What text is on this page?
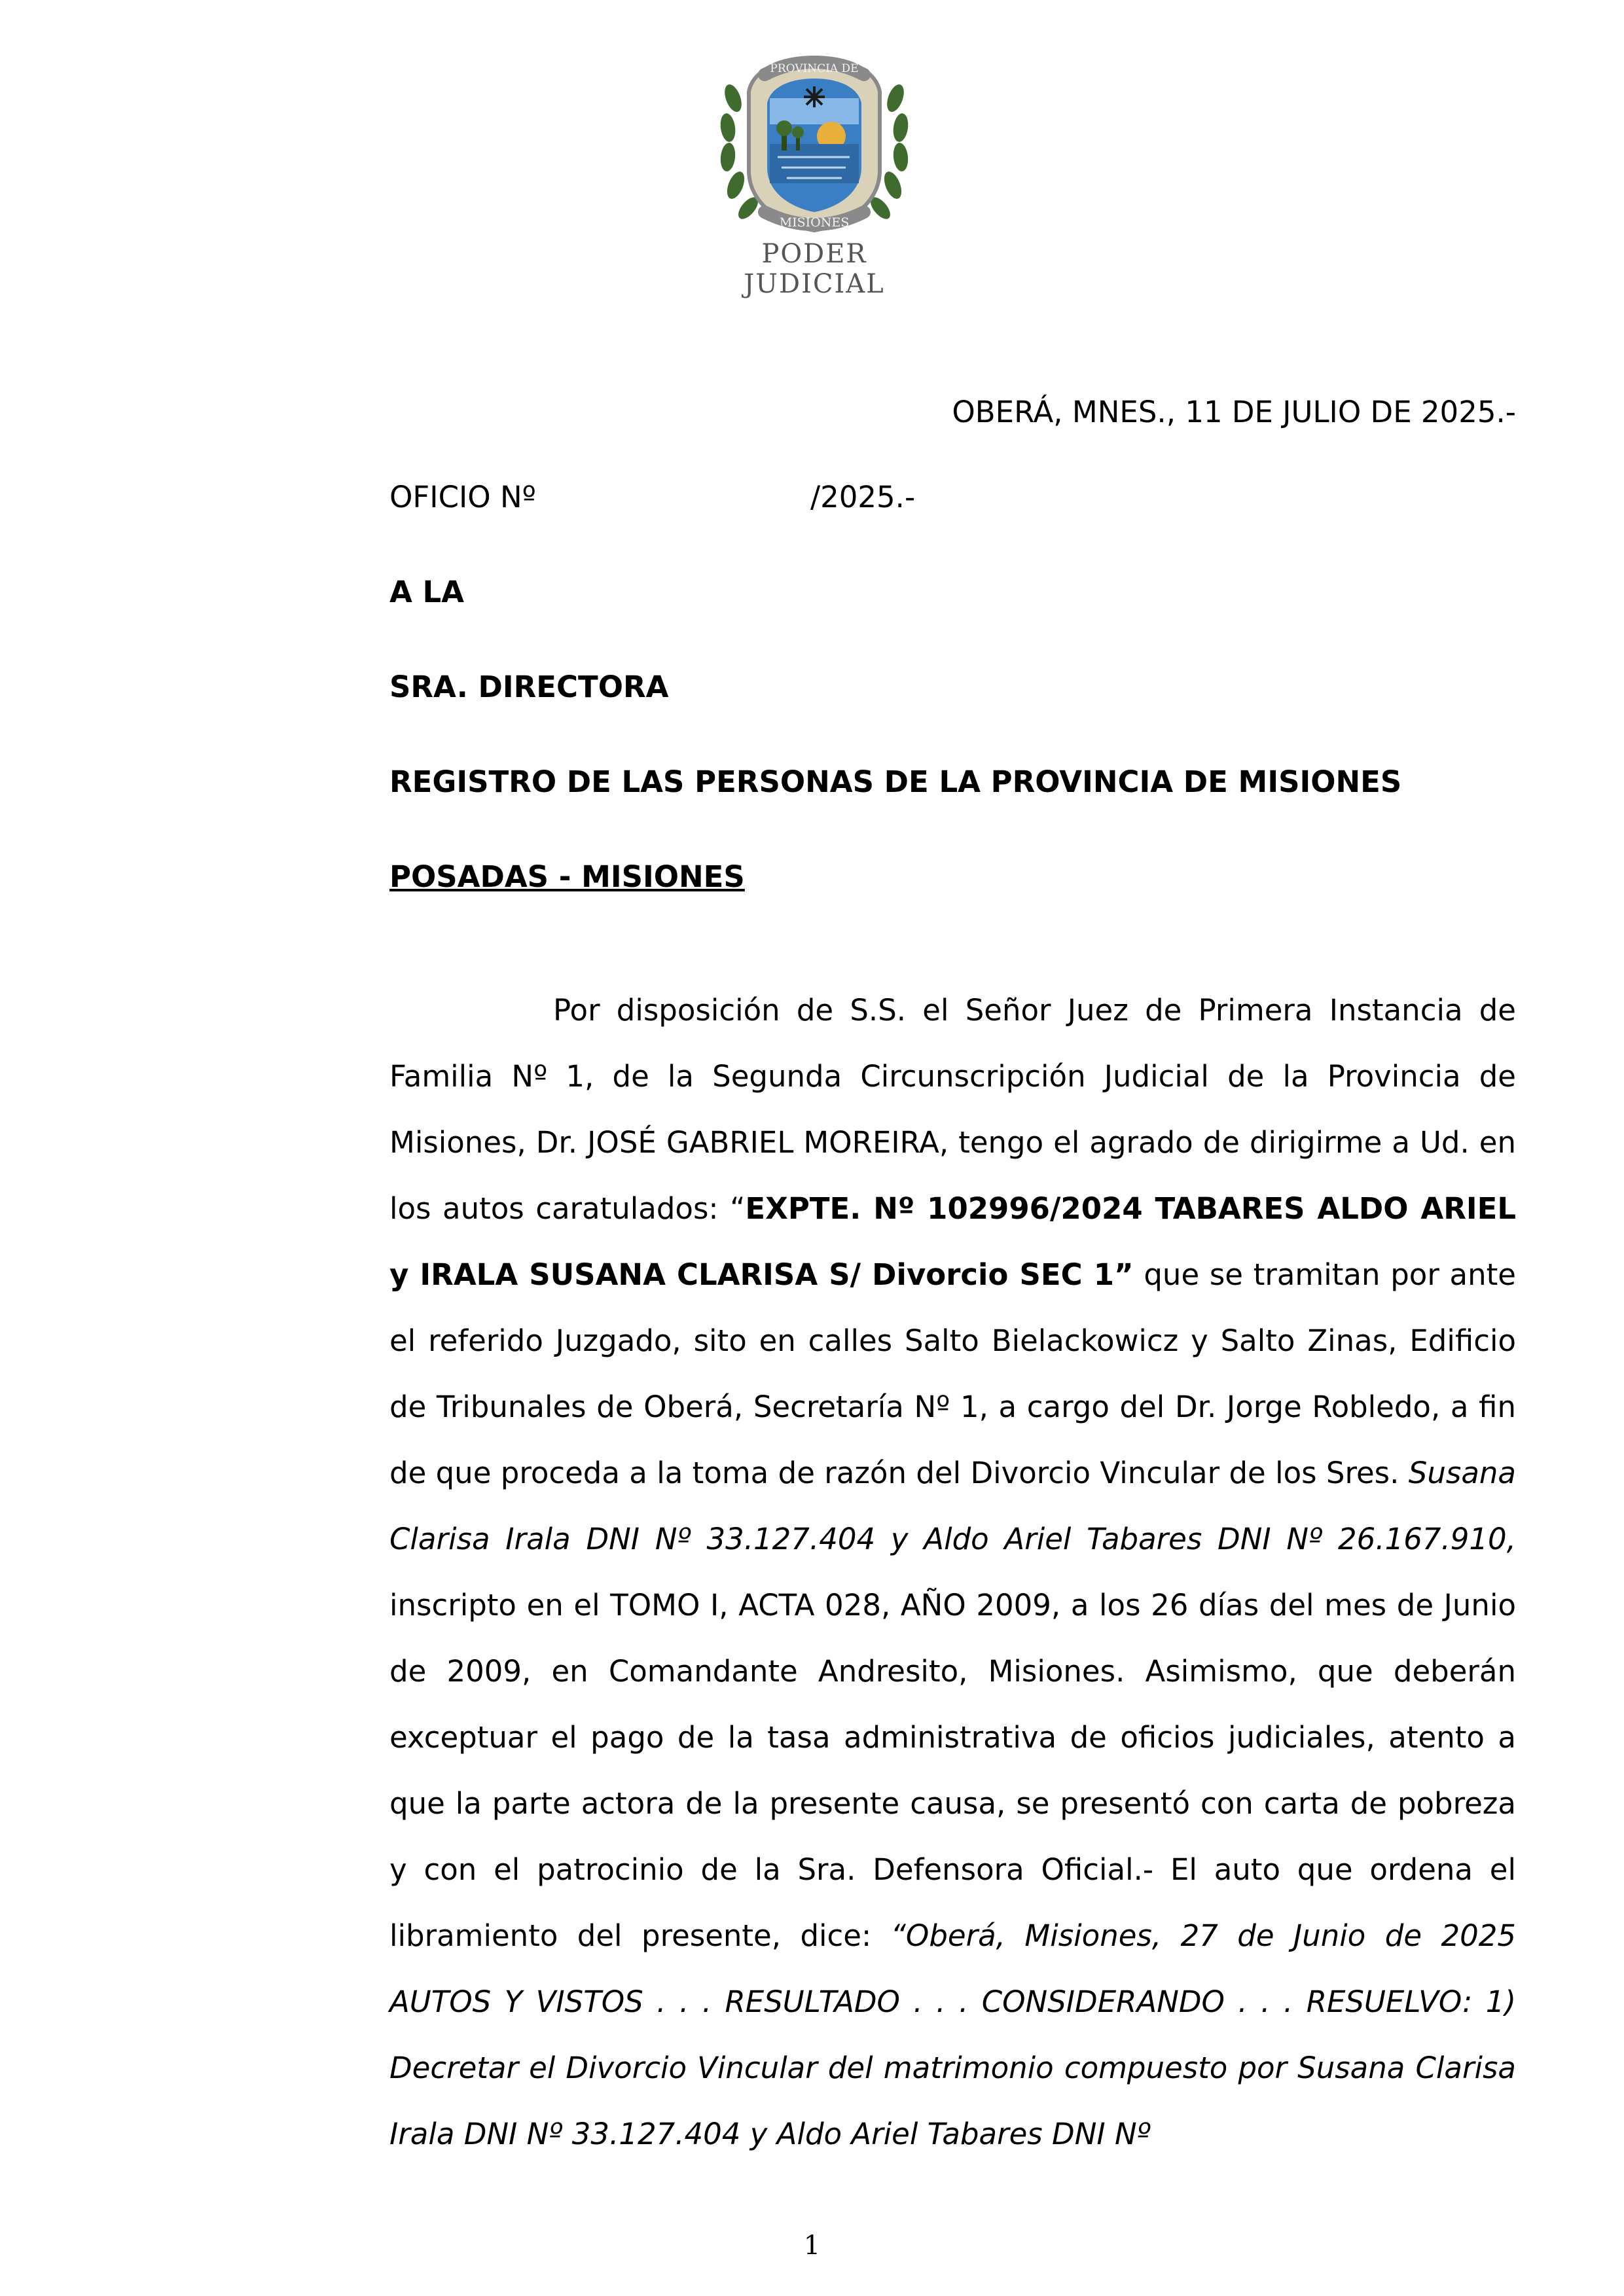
PROVINCIA DE
MISIONES
PODER JUDICIAL
OBERÁ, MNES., 11 DE JULIO DE 2025.-
OFICIO Nº	/2025.-
A LA
SRA. DIRECTORA
REGISTRO DE LAS PERSONAS DE LA PROVINCIA DE MISIONES
POSADAS - MISIONES

Por disposición de S.S. el Señor Juez de Primera Instancia de Familia Nº 1, de la Segunda Circunscripción Judicial de la Provincia de Misiones, Dr. JOSÉ GABRIEL MOREIRA, tengo el agrado de dirigirme a Ud. en los autos caratulados: “EXPTE. Nº 102996/2024 TABARES ALDO ARIEL y IRALA SUSANA CLARISA S/ Divorcio SEC 1” que se tramitan por ante el referido Juzgado, sito en calles Salto Bielackowicz y Salto Zinas, Edificio de Tribunales de Oberá, Secretaría Nº 1, a cargo del Dr. Jorge Robledo, a fin de que proceda a la toma de razón del Divorcio Vincular de los Sres. Susana Clarisa Irala DNI Nº 33.127.404 y Aldo Ariel Tabares DNI Nº 26.167.910, inscripto en el TOMO I, ACTA 028, AÑO 2009, a los 26 días del mes de Junio de 2009, en Comandante Andresito, Misiones. Asimismo, que deberán exceptuar el pago de la tasa administrativa de oficios judiciales, atento a que la parte actora de la presente causa, se presentó con carta de pobreza y con el patrocinio de la Sra. Defensora Oficial.- El auto que ordena el libramiento del presente, dice: “Oberá, Misiones, 27 de Junio de 2025 AUTOS Y VISTOS . . . RESULTADO . . . CONSIDERANDO . . . RESUELVO: 1) Decretar el Divorcio Vincular del matrimonio compuesto por Susana Clarisa Irala DNI Nº 33.127.404 y Aldo Ariel Tabares DNI Nº

1
